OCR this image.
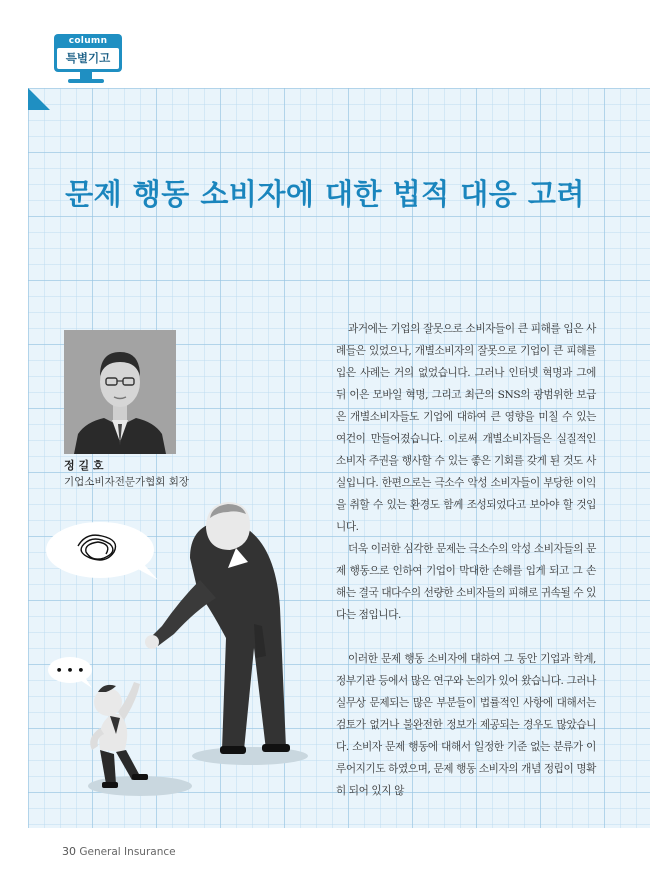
column
특별기고
문제 행동 소비자에 대한 법적 대응 고려
정 길 호
기업소비자전문가협회 회장
• • •

과거에는 기업의 잘못으로 소비자들이 큰 피해를 입은 사례들은 있었으나, 개별소비자의 잘못으로 기업이 큰 피해를 입은 사례는 거의 없었습니다. 그러나 인터넷 혁명과 그에 뒤 이은 모바일 혁명, 그리고 최근의 SNS의 광범위한 보급은 개별소비자들도 기업에 대하여 큰 영향을 미칠 수 있는 여건이 만들어졌습니다. 이로써 개별소비자들은 실질적인 소비자 주권을 행사할 수 있는 좋은 기회를 갖게 된 것도 사실입니다. 한편으로는 극소수 악성 소비자들이 부당한 이익을 취할 수 있는 환경도 함께 조성되었다고 보아야 할 것입니다.

더욱 이러한 심각한 문제는 극소수의 악성 소비자들의 문제 행동으로 인하여 기업이 막대한 손해를 입게 되고 그 손해는 결국 대다수의 선량한 소비자들의 피해로 귀속될 수 있다는 점입니다.

이러한 문제 행동 소비자에 대하여 그 동안 기업과 학계, 정부기관 등에서 많은 연구와 논의가 있어 왔습니다. 그러나 실무상 문제되는 많은 부분들이 법률적인 사항에 대해서는 검토가 없거나 불완전한 정보가 제공되는 경우도 많았습니다. 소비자 문제 행동에 대해서 일정한 기준 없는 분류가 이루어지기도 하였으며, 문제 행동 소비자의 개념 정립이 명확히 되어 있지 않

30 General Insurance
